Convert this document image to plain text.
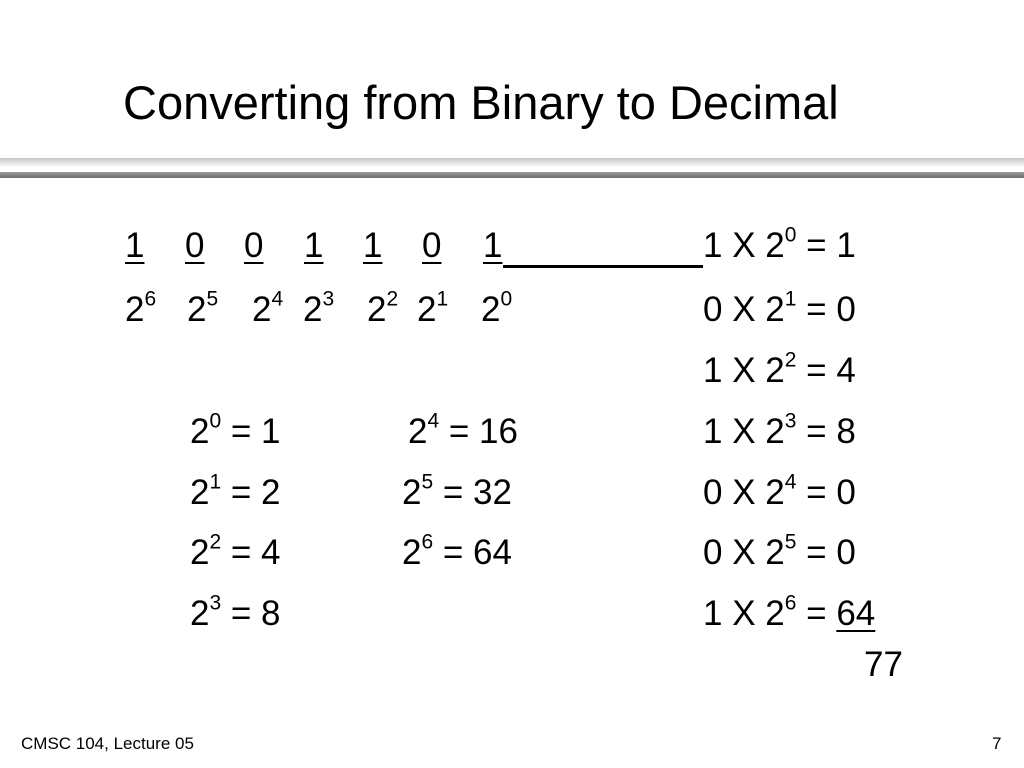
Converting from Binary to Decimal
1 0 0 1 1 0 1
$2^6$ $2^5$ $2^4$ $2^3$ $2^2$ $2^1$ $2^0$
$2^0 = 1$
$2^1 = 2$
$2^2 = 4$
$2^3 = 8$
$2^4 = 16$
$2^5 = 32$
$2^6 = 64$
1 X $2^0 = 1$
0 X $2^1 = 0$
1 X $2^2 = 4$
1 X $2^3 = 8$
0 X $2^4 = 0$
0 X $2^5 = 0$
1 X $2^6 = 64$
77
CMSC 104, Lecture 05	7
